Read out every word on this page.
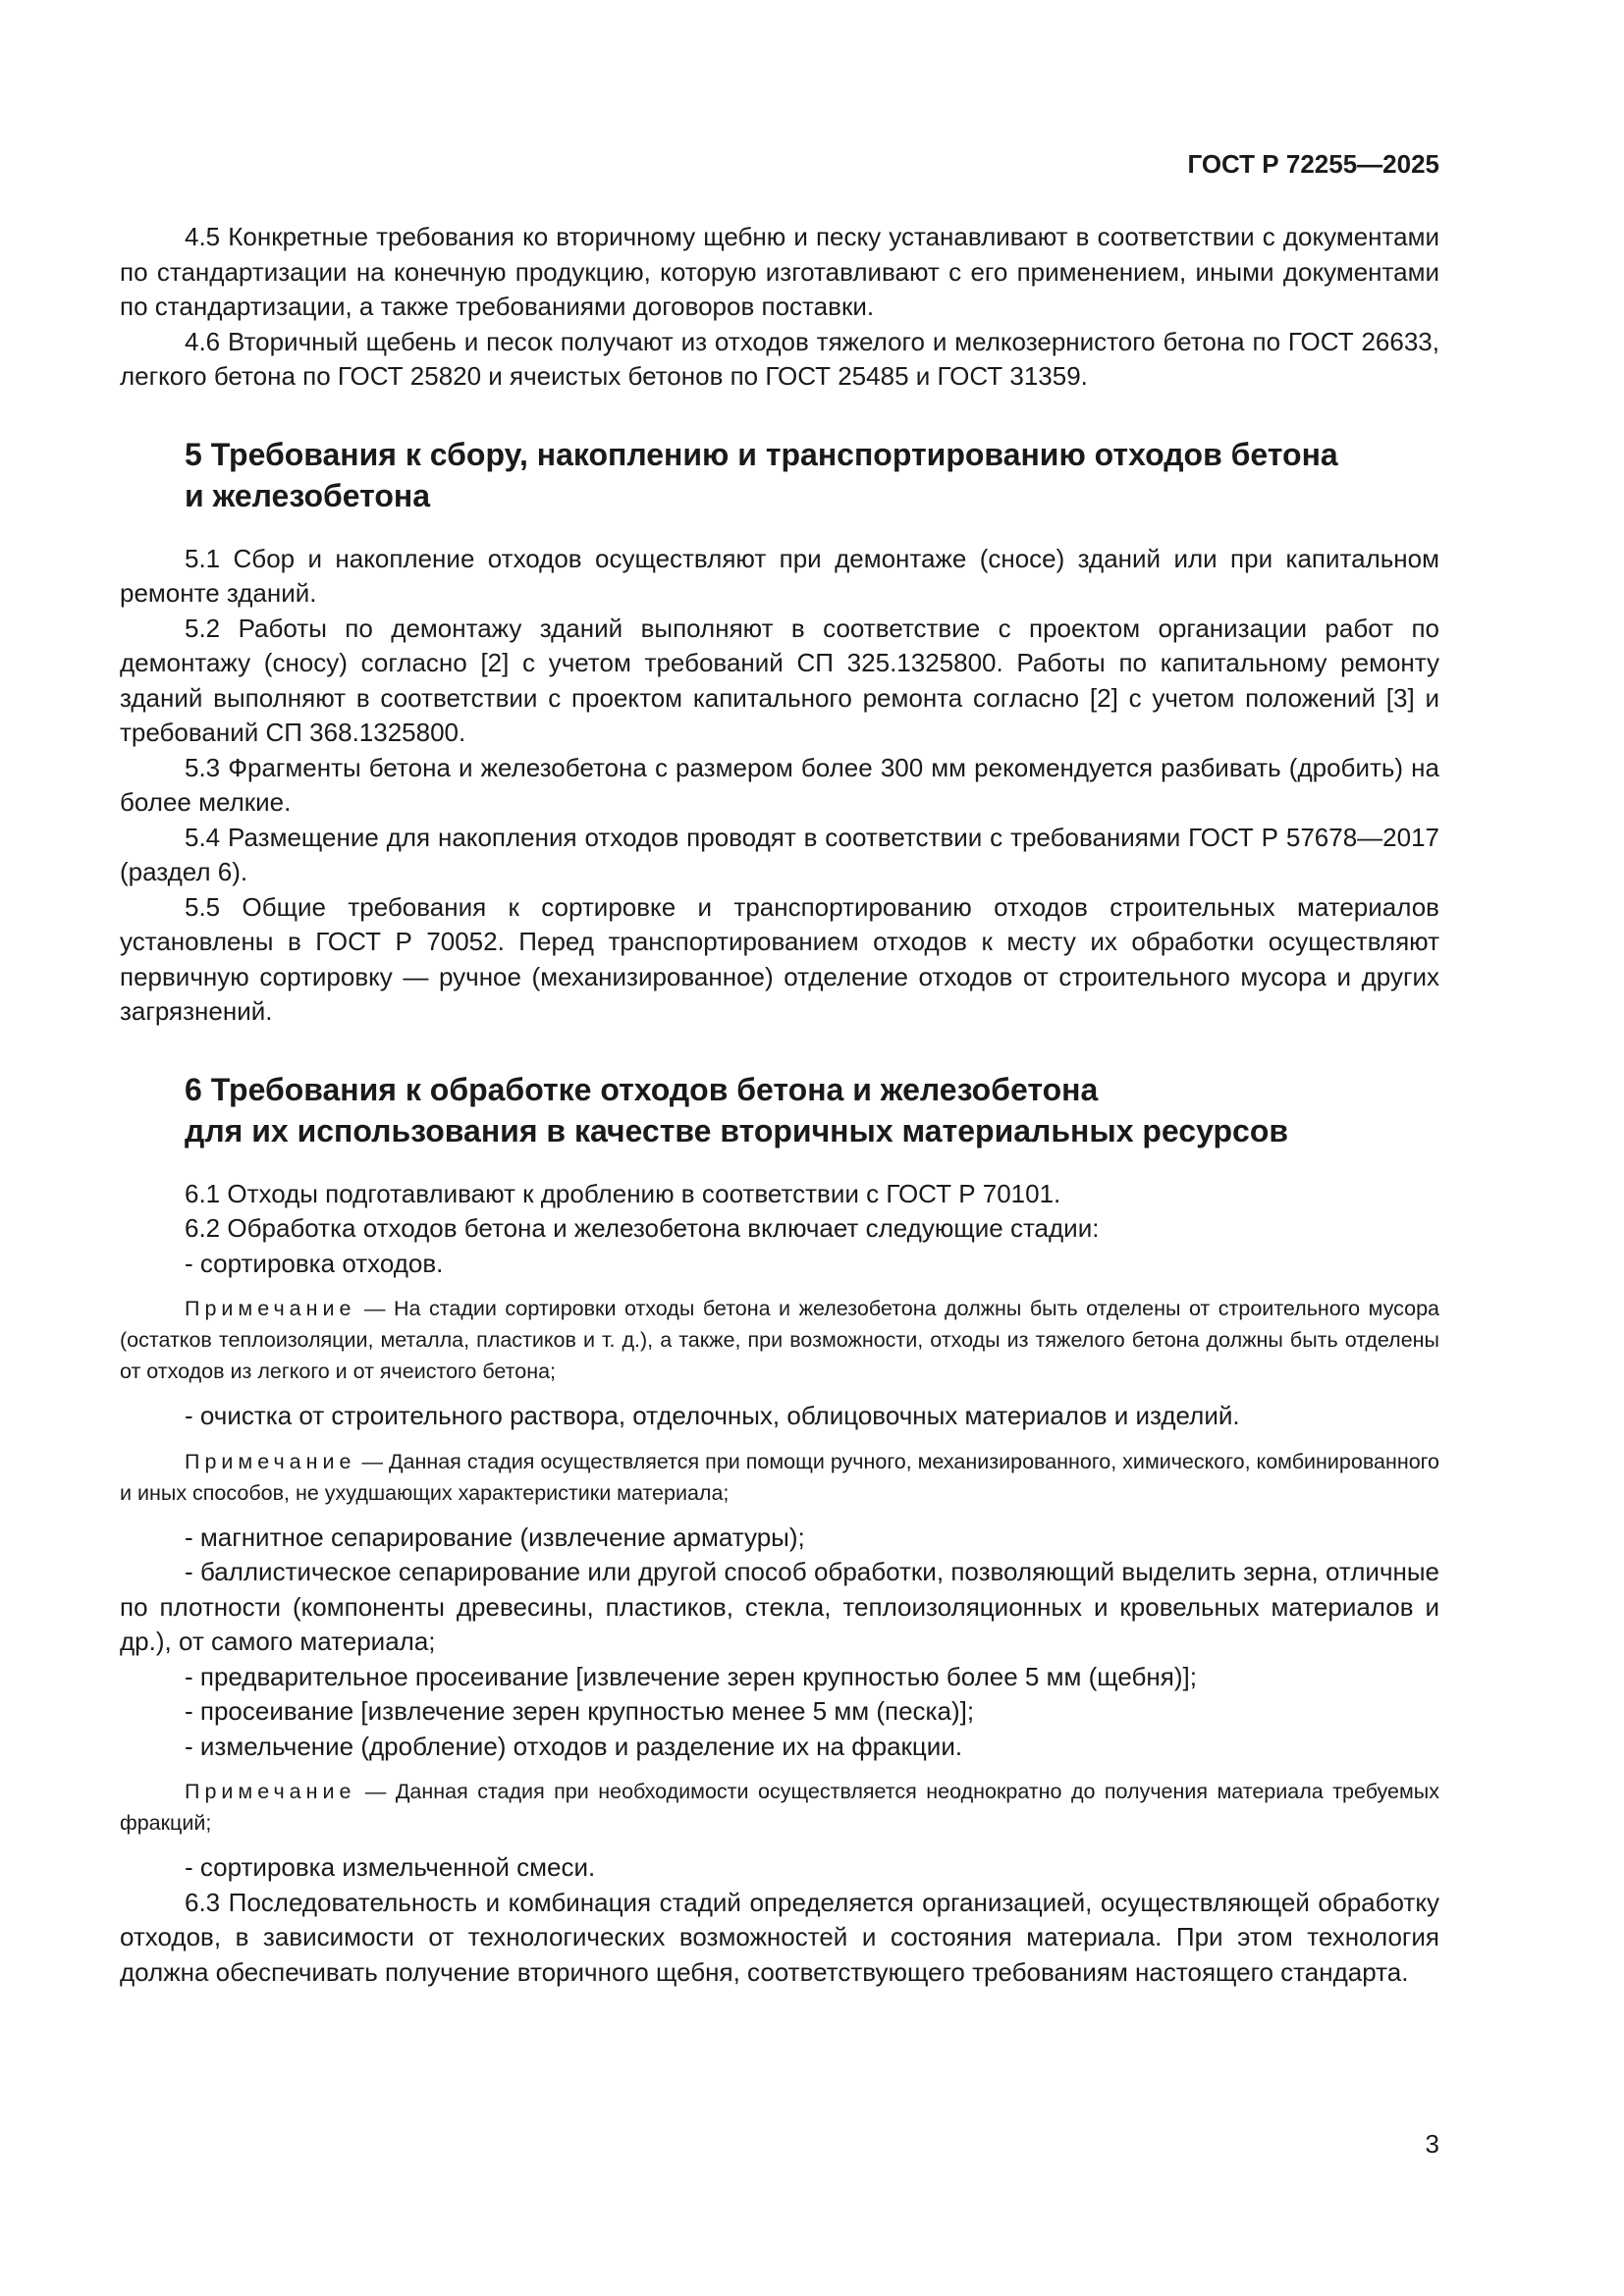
ГОСТ Р 72255—2025

4.5 Конкретные требования ко вторичному щебню и песку устанавливают в соответствии с документами по стандартизации на конечную продукцию, которую изготавливают с его применением, иными документами по стандартизации, а также требованиями договоров поставки.

4.6 Вторичный щебень и песок получают из отходов тяжелого и мелкозернистого бетона по ГОСТ 26633, легкого бетона по ГОСТ 25820 и ячеистых бетонов по ГОСТ 25485 и ГОСТ 31359.

5 Требования к сбору, накоплению и транспортированию отходов бетона
и железобетона

5.1 Сбор и накопление отходов осуществляют при демонтаже (сносе) зданий или при капитальном ремонте зданий.

5.2 Работы по демонтажу зданий выполняют в соответствие с проектом организации работ по демонтажу (сносу) согласно [2] с учетом требований СП 325.1325800. Работы по капитальному ремонту зданий выполняют в соответствии с проектом капитального ремонта согласно [2] с учетом положений [3] и требований СП 368.1325800.

5.3 Фрагменты бетона и железобетона с размером более 300 мм рекомендуется разбивать (дробить) на более мелкие.

5.4 Размещение для накопления отходов проводят в соответствии с требованиями ГОСТ Р 57678—2017 (раздел 6).

5.5 Общие требования к сортировке и транспортированию отходов строительных материалов установлены в ГОСТ Р 70052. Перед транспортированием отходов к месту их обработки осуществляют первичную сортировку — ручное (механизированное) отделение отходов от строительного мусора и других загрязнений.

6 Требования к обработке отходов бетона и железобетона
для их использования в качестве вторичных материальных ресурсов

6.1 Отходы подготавливают к дроблению в соответствии с ГОСТ Р 70101.

6.2 Обработка отходов бетона и железобетона включает следующие стадии:

- сортировка отходов.

Примечание — На стадии сортировки отходы бетона и железобетона должны быть отделены от строительного мусора (остатков теплоизоляции, металла, пластиков и т. д.), а также, при возможности, отходы из тяжелого бетона должны быть отделены от отходов из легкого и от ячеистого бетона;

- очистка от строительного раствора, отделочных, облицовочных материалов и изделий.

Примечание — Данная стадия осуществляется при помощи ручного, механизированного, химического, комбинированного и иных способов, не ухудшающих характеристики материала;

- магнитное сепарирование (извлечение арматуры);

- баллистическое сепарирование или другой способ обработки, позволяющий выделить зерна, отличные по плотности (компоненты древесины, пластиков, стекла, теплоизоляционных и кровельных материалов и др.), от самого материала;

- предварительное просеивание [извлечение зерен крупностью более 5 мм (щебня)];

- просеивание [извлечение зерен крупностью менее 5 мм (песка)];

- измельчение (дробление) отходов и разделение их на фракции.

Примечание — Данная стадия при необходимости осуществляется неоднократно до получения материала требуемых фракций;

- сортировка измельченной смеси.

6.3 Последовательность и комбинация стадий определяется организацией, осуществляющей обработку отходов, в зависимости от технологических возможностей и состояния материала. При этом технология должна обеспечивать получение вторичного щебня, соответствующего требованиям настоящего стандарта.

3
